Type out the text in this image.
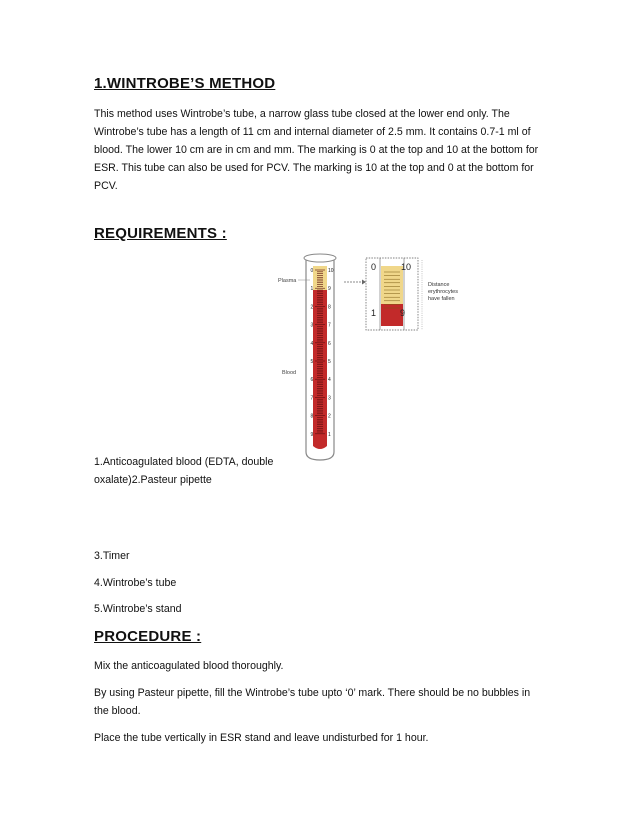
1.WINTROBE’S METHOD

This method uses Wintrobe’s tube, a narrow glass tube closed at the lower end only. The Wintrobe’s tube has a length of 11 cm and internal diameter of 2.5 mm. It contains 0.7-1 ml of blood. The lower 10 cm are in cm and mm. The marking is 0 at the top and 10 at the bottom for ESR. This tube can also be used for PCV. The marking is 10 at the top and 0 at the bottom for PCV.

REQUIREMENTS :
0
1
2
3
4
5
6
7
8
9
10
9
8
7
6
5
4
3
2
1
Plasma
Blood
0	10
1	9
Distance
erythrocytes
have fallen

1.Anticoagulated blood (EDTA, double oxalate)2.Pasteur pipette

3.Timer

4.Wintrobe’s tube

5.Wintrobe’s stand

PROCEDURE :

Mix the anticoagulated blood thoroughly.

By using Pasteur pipette, fill the Wintrobe’s tube upto ‘0’ mark. There should be no bubbles in the blood.

Place the tube vertically in ESR stand and leave undisturbed for 1 hour.
